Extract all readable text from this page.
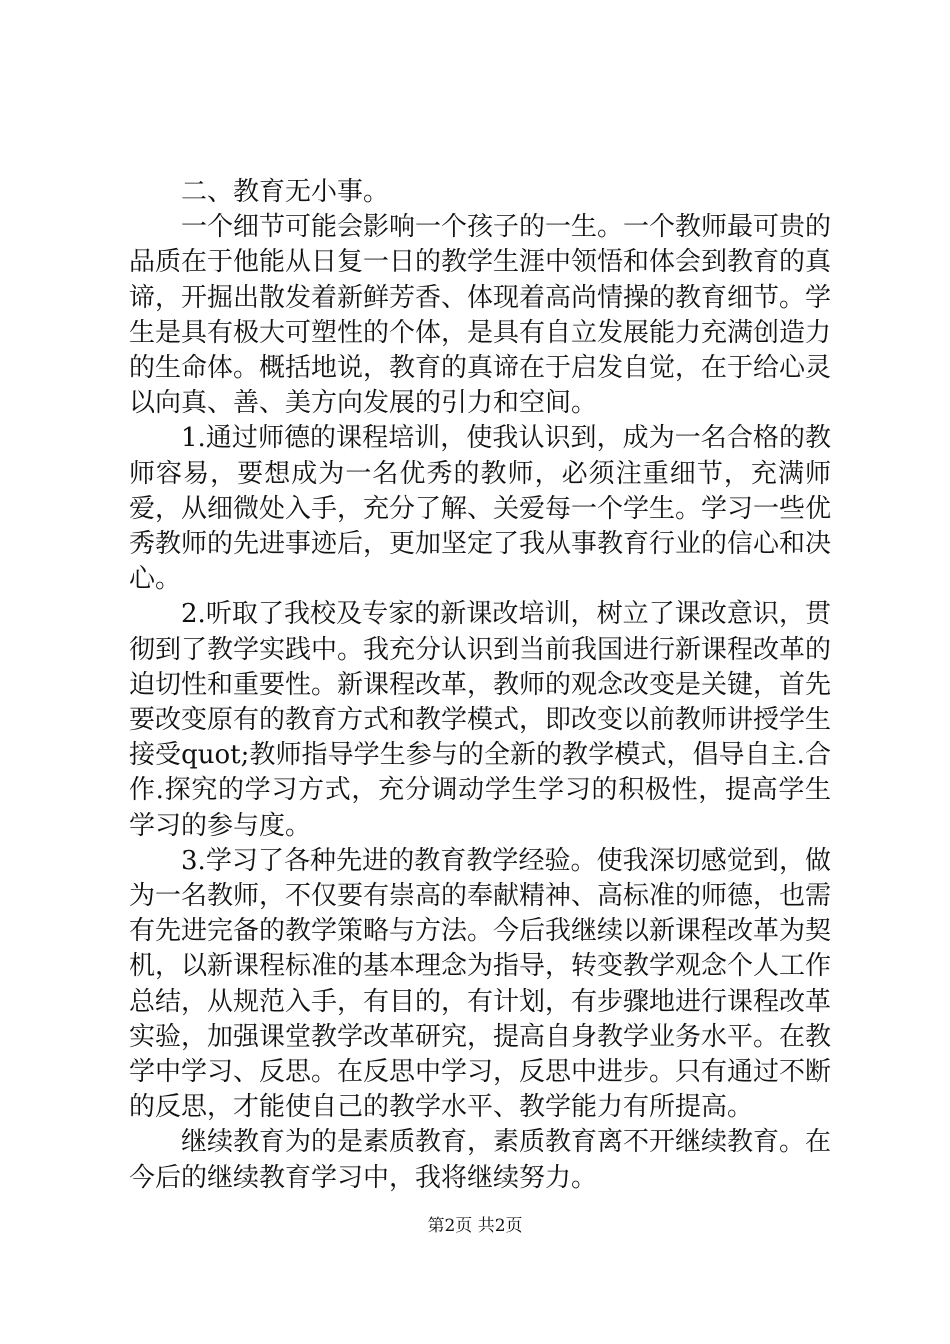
二、教育无小事。

一个细节可能会影响一个孩子的一生。一个教师最可贵的品质在于他能从日复一日的教学生涯中领悟和体会到教育的真谛，开掘出散发着新鲜芳香、体现着高尚情操的教育细节。学生是具有极大可塑性的个体，是具有自立发展能力充满创造力的生命体。概括地说，教育的真谛在于启发自觉，在于给心灵以向真、善、美方向发展的引力和空间。

1.通过师德的课程培训，使我认识到，成为一名合格的教师容易，要想成为一名优秀的教师，必须注重细节，充满师爱，从细微处入手，充分了解、关爱每一个学生。学习一些优秀教师的先进事迹后，更加坚定了我从事教育行业的信心和决心。

2.听取了我校及专家的新课改培训，树立了课改意识，贯彻到了教学实践中。我充分认识到当前我国进行新课程改革的迫切性和重要性。新课程改革，教师的观念改变是关键，首先要改变原有的教育方式和教学模式，即改变以前教师讲授学生接受quot;教师指导学生参与的全新的教学模式，倡导自主.合作.探究的学习方式，充分调动学生学习的积极性，提高学生学习的参与度。

3.学习了各种先进的教育教学经验。使我深切感觉到，做为一名教师，不仅要有崇高的奉献精神、高标准的师德，也需有先进完备的教学策略与方法。今后我继续以新课程改革为契机，以新课程标准的基本理念为指导，转变教学观念个人工作总结，从规范入手，有目的，有计划，有步骤地进行课程改革实验，加强课堂教学改革研究，提高自身教学业务水平。在教学中学习、反思。在反思中学习，反思中进步。只有通过不断的反思，才能使自己的教学水平、教学能力有所提高。

继续教育为的是素质教育，素质教育离不开继续教育。在今后的继续教育学习中，我将继续努力。

第2页 共2页
